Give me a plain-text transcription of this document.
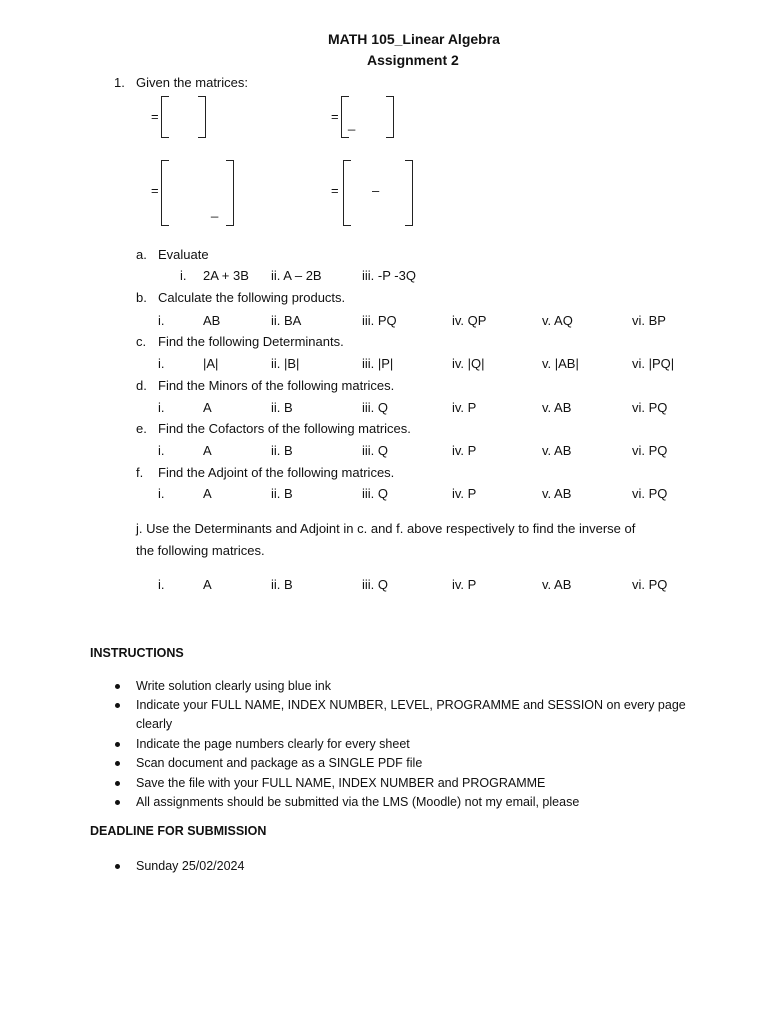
MATH 105_Linear Algebra
Assignment 2
1. Given the matrices:
=	= _
=
_
=	–
a. Evaluate
i. 2A + 3B ii. A – 2B	iii. -P -3Q
b. Calculate the following products.
i.	AB	ii. BA	iii. PQ	iv. QP	v. AQ	vi. BP
c. Find the following Determinants.
i.	|A|	ii. |B|	iii. |P|	iv. |Q|	v. |AB|	vi. |PQ|
d. Find the Minors of the following matrices.
i.	A	ii. B	iii. Q	iv. P	v. AB	vi. PQ
e. Find the Cofactors of the following matrices.
i.	A	ii. B	iii. Q	iv. P	v. AB	vi. PQ
f. Find the Adjoint of the following matrices.
i.	A	ii. B	iii. Q	iv. P	v. AB	vi. PQ
j. Use the Determinants and Adjoint in c. and f. above respectively to find the inverse of
the following matrices.
i.	A	ii. B	iii. Q	iv. P	v. AB	vi. PQ
INSTRUCTIONS
Write solution clearly using blue ink
Indicate your FULL NAME, INDEX NUMBER, LEVEL, PROGRAMME and SESSION on every page
clearly
Indicate the page numbers clearly for every sheet
Scan document and package as a SINGLE PDF file
Save the file with your FULL NAME, INDEX NUMBER and PROGRAMME
All assignments should be submitted via the LMS (Moodle) not my email, please
DEADLINE FOR SUBMISSION
Sunday 25/02/2024
